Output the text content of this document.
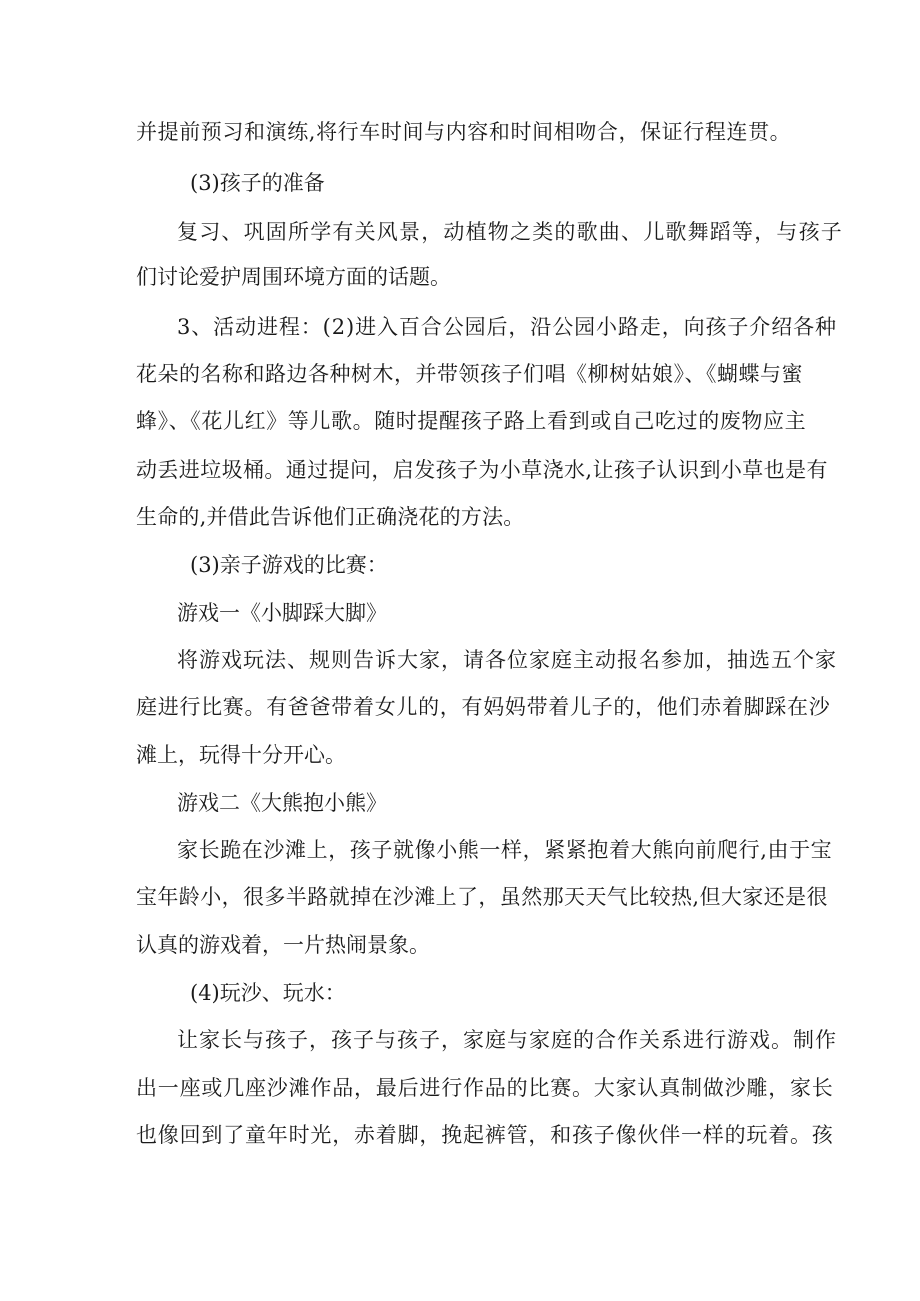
并提前预习和演练,将行车时间与内容和时间相吻合，保证行程连贯。

(3)孩子的准备

复习、巩固所学有关风景，动植物之类的歌曲、儿歌舞蹈等，与孩子

们讨论爱护周围环境方面的话题。

3、活动进程：(2)进入百合公园后，沿公园小路走，向孩子介绍各种

花朵的名称和路边各种树木，并带领孩子们唱《柳树姑娘》、《蝴蝶与蜜

蜂》、《花儿红》等儿歌。随时提醒孩子路上看到或自己吃过的废物应主

动丢进垃圾桶。通过提问，启发孩子为小草浇水,让孩子认识到小草也是有

生命的,并借此告诉他们正确浇花的方法。

(3)亲子游戏的比赛：

游戏一《小脚踩大脚》

将游戏玩法、规则告诉大家，请各位家庭主动报名参加，抽选五个家

庭进行比赛。有爸爸带着女儿的，有妈妈带着儿子的，他们赤着脚踩在沙

滩上，玩得十分开心。

游戏二《大熊抱小熊》

家长跪在沙滩上，孩子就像小熊一样，紧紧抱着大熊向前爬行,由于宝

宝年龄小，很多半路就掉在沙滩上了，虽然那天天气比较热,但大家还是很

认真的游戏着，一片热闹景象。

(4)玩沙、玩水：

让家长与孩子，孩子与孩子，家庭与家庭的合作关系进行游戏。制作

出一座或几座沙滩作品，最后进行作品的比赛。大家认真制做沙雕，家长

也像回到了童年时光，赤着脚，挽起裤管，和孩子像伙伴一样的玩着。孩
